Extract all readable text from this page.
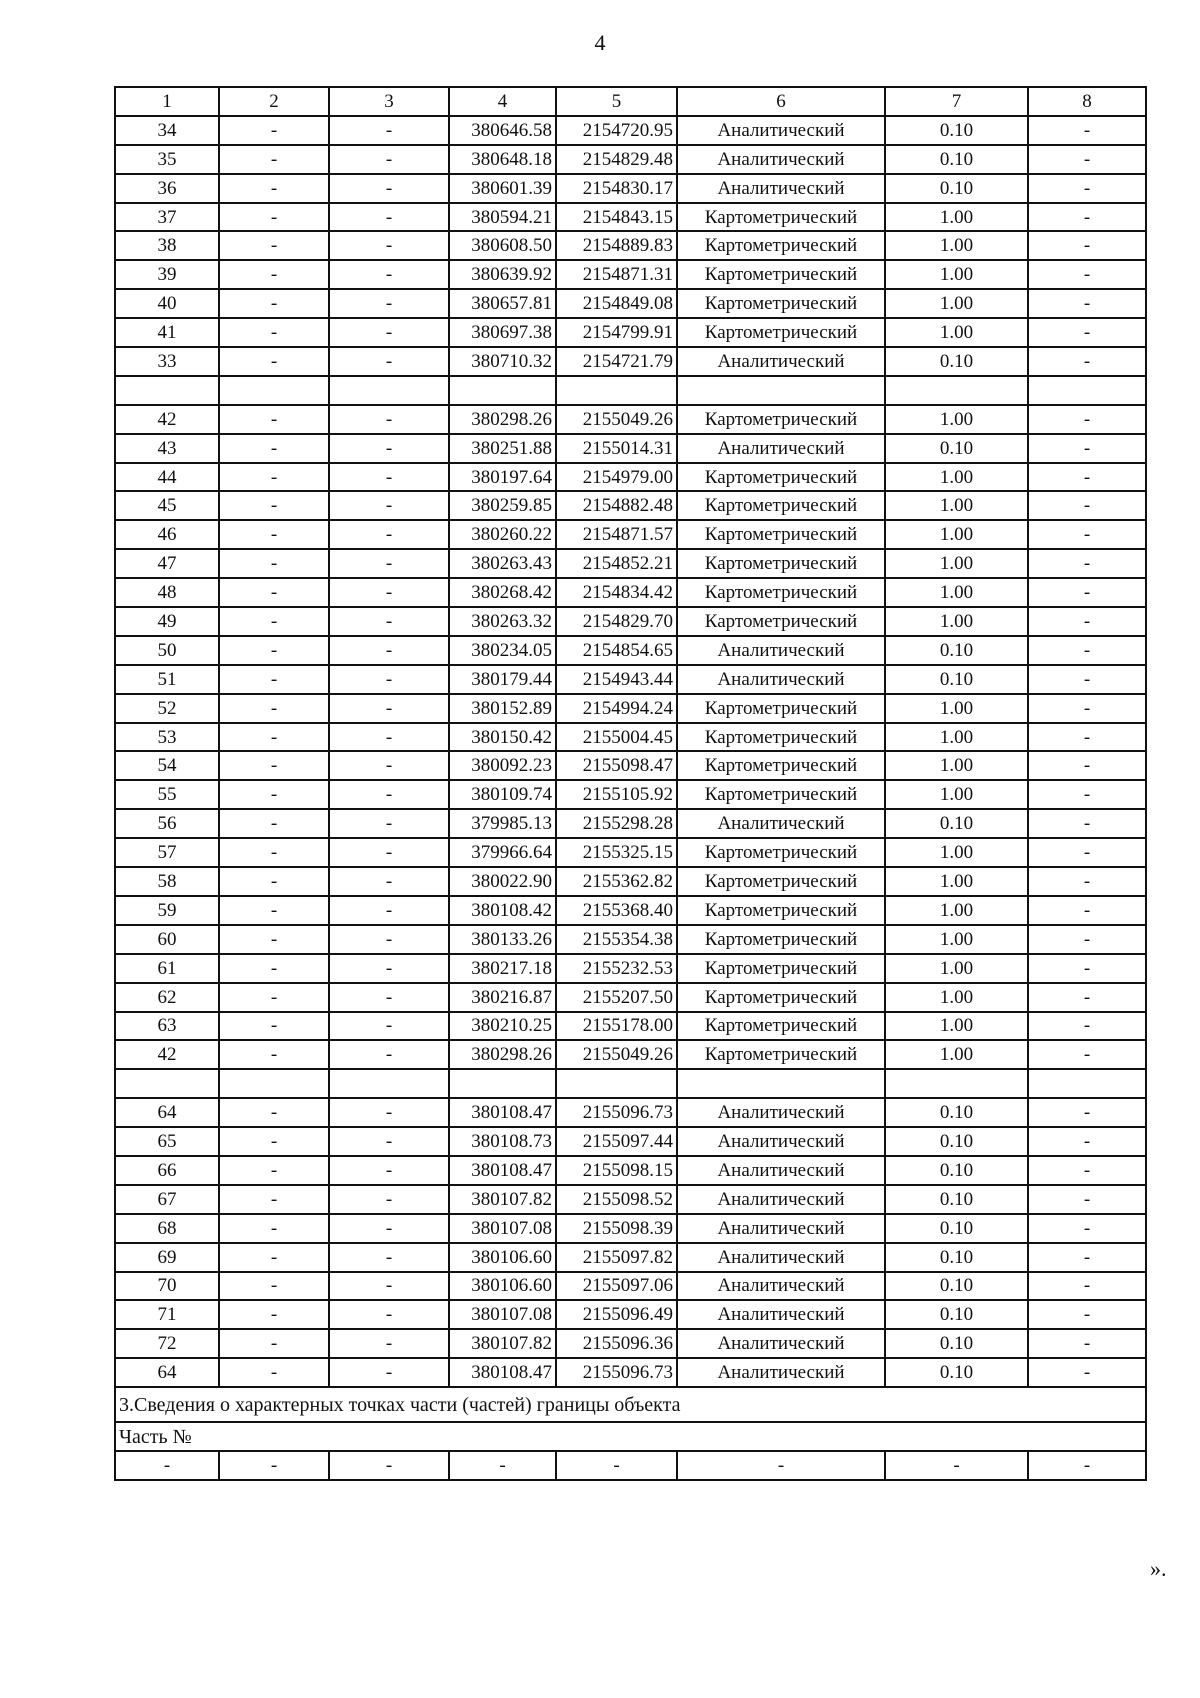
4
1	2	3	4	5	6	7	8
34	-	-	380646.58	2154720.95	Аналитический	0.10	-
35	-	-	380648.18	2154829.48	Аналитический	0.10	-
36	-	-	380601.39	2154830.17	Аналитический	0.10	-
37	-	-	380594.21	2154843.15	Картометрический	1.00	-
38	-	-	380608.50	2154889.83	Картометрический	1.00	-
39	-	-	380639.92	2154871.31	Картометрический	1.00	-
40	-	-	380657.81	2154849.08	Картометрический	1.00	-
41	-	-	380697.38	2154799.91	Картометрический	1.00	-
33	-	-	380710.32	2154721.79	Аналитический	0.10	-

42	-	-	380298.26	2155049.26	Картометрический	1.00	-
43	-	-	380251.88	2155014.31	Аналитический	0.10	-
44	-	-	380197.64	2154979.00	Картометрический	1.00	-
45	-	-	380259.85	2154882.48	Картометрический	1.00	-
46	-	-	380260.22	2154871.57	Картометрический	1.00	-
47	-	-	380263.43	2154852.21	Картометрический	1.00	-
48	-	-	380268.42	2154834.42	Картометрический	1.00	-
49	-	-	380263.32	2154829.70	Картометрический	1.00	-
50	-	-	380234.05	2154854.65	Аналитический	0.10	-
51	-	-	380179.44	2154943.44	Аналитический	0.10	-
52	-	-	380152.89	2154994.24	Картометрический	1.00	-
53	-	-	380150.42	2155004.45	Картометрический	1.00	-
54	-	-	380092.23	2155098.47	Картометрический	1.00	-
55	-	-	380109.74	2155105.92	Картометрический	1.00	-
56	-	-	379985.13	2155298.28	Аналитический	0.10	-
57	-	-	379966.64	2155325.15	Картометрический	1.00	-
58	-	-	380022.90	2155362.82	Картометрический	1.00	-
59	-	-	380108.42	2155368.40	Картометрический	1.00	-
60	-	-	380133.26	2155354.38	Картометрический	1.00	-
61	-	-	380217.18	2155232.53	Картометрический	1.00	-
62	-	-	380216.87	2155207.50	Картометрический	1.00	-
63	-	-	380210.25	2155178.00	Картометрический	1.00	-
42	-	-	380298.26	2155049.26	Картометрический	1.00	-

64	-	-	380108.47	2155096.73	Аналитический	0.10	-
65	-	-	380108.73	2155097.44	Аналитический	0.10	-
66	-	-	380108.47	2155098.15	Аналитический	0.10	-
67	-	-	380107.82	2155098.52	Аналитический	0.10	-
68	-	-	380107.08	2155098.39	Аналитический	0.10	-
69	-	-	380106.60	2155097.82	Аналитический	0.10	-
70	-	-	380106.60	2155097.06	Аналитический	0.10	-
71	-	-	380107.08	2155096.49	Аналитический	0.10	-
72	-	-	380107.82	2155096.36	Аналитический	0.10	-
64	-	-	380108.47	2155096.73	Аналитический	0.10	-
3.Сведения о характерных точках части (частей) границы объекта							
Часть №							
-	-	-	-	-	-	-	-
».
